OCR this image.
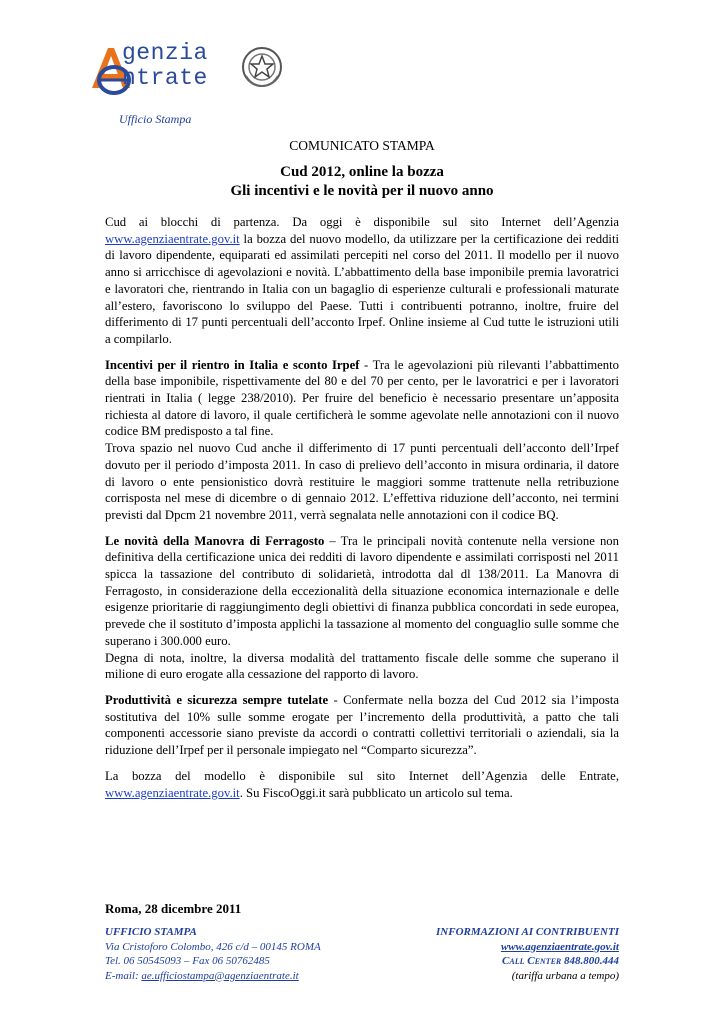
genzia
ntrate
Ufficio Stampa
COMUNICATO STAMPA
Cud 2012, online la bozza
Gli incentivi e le novità per il nuovo anno

Cud ai blocchi di partenza. Da oggi è disponibile sul sito Internet dell’Agenzia www.agenziaentrate.gov.it la bozza del nuovo modello, da utilizzare per la certificazione dei redditi di lavoro dipendente, equiparati ed assimilati percepiti nel corso del 2011. Il modello per il nuovo anno si arricchisce di agevolazioni e novità. L’abbattimento della base imponibile premia lavoratrici e lavoratori che, rientrando in Italia con un bagaglio di esperienze culturali e professionali maturate all’estero, favoriscono lo sviluppo del Paese. Tutti i contribuenti potranno, inoltre, fruire del differimento di 17 punti percentuali dell’acconto Irpef. Online insieme al Cud tutte le istruzioni utili a compilarlo.

Incentivi per il rientro in Italia e sconto Irpef - Tra le agevolazioni più rilevanti l’abbattimento della base imponibile, rispettivamente del 80 e del 70 per cento, per le lavoratrici e per i lavoratori rientrati in Italia ( legge 238/2010). Per fruire del beneficio è necessario presentare un’apposita richiesta al datore di lavoro, il quale certificherà le somme agevolate nelle annotazioni con il nuovo codice BM predisposto a tal fine.

Trova spazio nel nuovo Cud anche il differimento di 17 punti percentuali dell’acconto dell’Irpef dovuto per il periodo d’imposta 2011. In caso di prelievo dell’acconto in misura ordinaria, il datore di lavoro o ente pensionistico dovrà restituire le maggiori somme trattenute nella retribuzione corrisposta nel mese di dicembre o di gennaio 2012. L’effettiva riduzione dell’acconto, nei termini previsti dal Dpcm 21 novembre 2011, verrà segnalata nelle annotazioni con il codice BQ.

Le novità della Manovra di Ferragosto – Tra le principali novità contenute nella versione non definitiva della certificazione unica dei redditi di lavoro dipendente e assimilati corrisposti nel 2011 spicca la tassazione del contributo di solidarietà, introdotta dal dl 138/2011. La Manovra di Ferragosto, in considerazione della eccezionalità della situazione economica internazionale e delle esigenze prioritarie di raggiungimento degli obiettivi di finanza pubblica concordati in sede europea, prevede che il sostituto d’imposta applichi la tassazione al momento del conguaglio sulle somme che superano i 300.000 euro.

Degna di nota, inoltre, la diversa modalità del trattamento fiscale delle somme che superano il milione di euro erogate alla cessazione del rapporto di lavoro.

Produttività e sicurezza sempre tutelate - Confermate nella bozza del Cud 2012 sia l’imposta sostitutiva del 10% sulle somme erogate per l’incremento della produttività, a patto che tali componenti accessorie siano previste da accordi o contratti collettivi territoriali o aziendali, sia la riduzione dell’Irpef per il personale impiegato nel “Comparto sicurezza”.

La bozza del modello è disponibile sul sito Internet dell’Agenzia delle Entrate, www.agenziaentrate.gov.it. Su FiscoOggi.it sarà pubblicato un articolo sul tema.

Roma, 28 dicembre 2011
UFFICIO STAMPA
Via Cristoforo Colombo, 426 c/d – 00145 ROMA
Tel. 06 50545093 – Fax 06 50762485
E-mail: ae.ufficiostampa@agenziaentrate.it
INFORMAZIONI AI CONTRIBUENTI
www.agenziaentrate.gov.it
Call Center 848.800.444
(tariffa urbana a tempo)
